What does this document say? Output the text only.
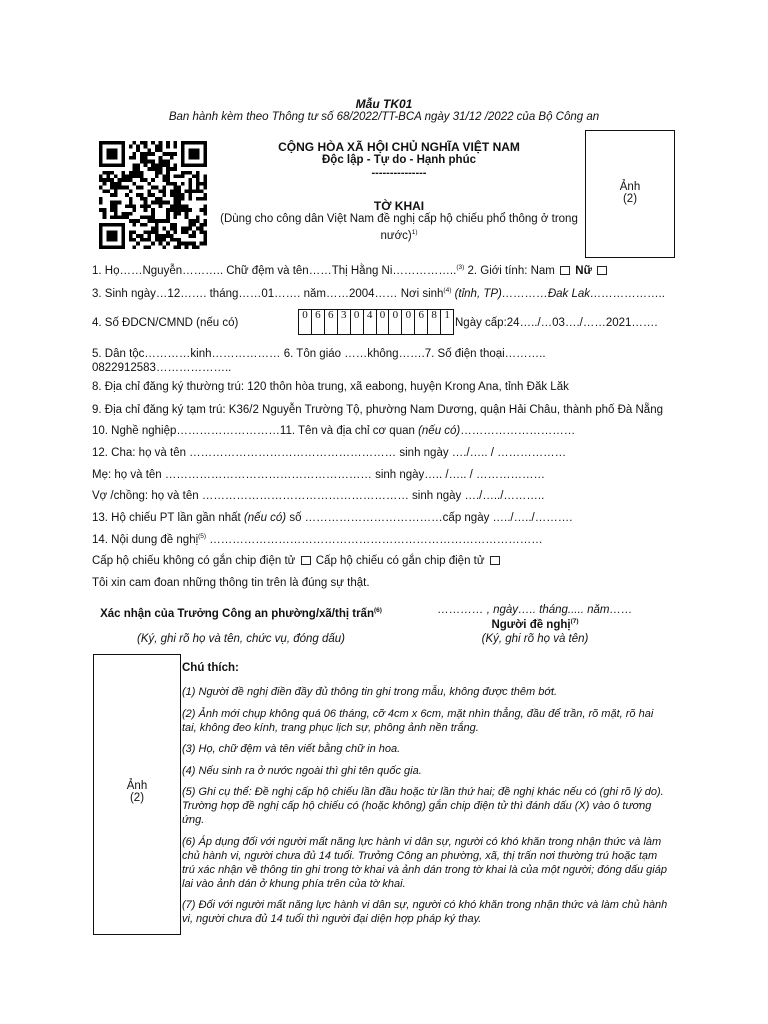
Mẫu TK01
Ban hành kèm theo Thông tư số 68/2022/TT-BCA ngày 31/12 /2022 của Bộ Công an
CỘNG HÒA XÃ HỘI CHỦ NGHĨA VIỆT NAM
Độc lập - Tự do - Hạnh phúc
---------------
TỜ KHAI
(Dùng cho công dân Việt Nam đề nghị cấp hộ chiếu phổ thông ở trong nước)$^{1)}$
Ảnh
(2)
1. Họ……Nguyễn……….. Chữ đệm và tên……Thị Hằng Ni……………..$^{(3)}$ 2. Giới tính: Nam  Nữ
3. Sinh ngày…12……. tháng……01……. năm……2004…… Nơi $\sinh^{(4)}$ (tỉnh, TP)…………Đak Lak………………..
4. Số ĐDCN/CMND (nếu có)
0 6 6 3 0 4 0 0 0 6 8 1
Ngày cấp:24…../…03…./……2021…….
5. Dân tộc…………kinh……………… 6. Tôn giáo ……không…….7. Số điện thoại………..
0822912583………………..
8. Địa chỉ đăng ký thường trú: 120 thôn hòa trung, xã eabong, huyện Krong Ana, tỉnh Đăk Lăk
9. Địa chỉ đăng ký tạm trú: K36/2 Nguyễn Trường Tộ, phường Nam Dương, quận Hải Châu, thành phố Đà Nẵng
10. Nghề nghiệp………………………11. Tên và địa chỉ cơ quan (nếu có)…………………………
12. Cha: họ và tên ……………………………………………… sinh ngày …./….. / ………………
Mẹ: họ và tên ……………………………………………… sinh ngày….. /….. / ………………
Vợ /chồng: họ và tên ……………………………………………… sinh ngày …./…../………..
13. Hộ chiếu PT lần gần nhất (nếu có) số ………………………………cấp ngày …../…../……….
14. Nội dung đề nghị$^{(5)}$ ……………………………………………………………………………
Cấp hộ chiếu không có gắn chip điện tử  Cấp hộ chiếu có gắn chip điện tử
Tôi xin cam đoan những thông tin trên là đúng sự thật.
Xác nhận của Trưởng Công an phường/xã/thị trấn$^{(6)}$
(Ký, ghi rõ họ và tên, chức vụ, đóng dấu)
………… , ngày….. tháng..... năm……
Người đề nghị$^{(7)}$
(Ký, ghi rõ họ và tên)
Ảnh
(2)
Chú thích:
(1) Người đề nghị điền đầy đủ thông tin ghi trong mẫu, không được thêm bớt.
(2) Ảnh mới chụp không quá 06 tháng, cỡ 4cm x 6cm, mặt nhìn thẳng, đầu để trần, rõ mặt, rõ hai tai, không đeo kính, trang phục lịch sự, phông ảnh nền trắng.
(3) Họ, chữ đệm và tên viết bằng chữ in hoa.
(4) Nếu sinh ra ở nước ngoài thì ghi tên quốc gia.
(5) Ghi cụ thể: Đề nghị cấp hộ chiếu lần đầu hoặc từ lần thứ hai; đề nghị khác nếu có (ghi rõ lý do). Trường hợp đề nghị cấp hộ chiếu có (hoặc không) gắn chip điện tử thì đánh dấu (X) vào ô tương ứng.
(6) Áp dụng đối với người mất năng lực hành vi dân sự, người có khó khăn trong nhận thức và làm chủ hành vi, người chưa đủ 14 tuổi. Trưởng Công an phường, xã, thị trấn nơi thường trú hoặc tạm trú xác nhận về thông tin ghi trong tờ khai và ảnh dán trong tờ khai là của một người; đóng dấu giáp lai vào ảnh dán ở khung phía trên của tờ khai.
(7) Đối với người mất năng lực hành vi dân sự, người có khó khăn trong nhận thức và làm chủ hành vi, người chưa đủ 14 tuổi thì người đại diện hợp pháp ký thay.
